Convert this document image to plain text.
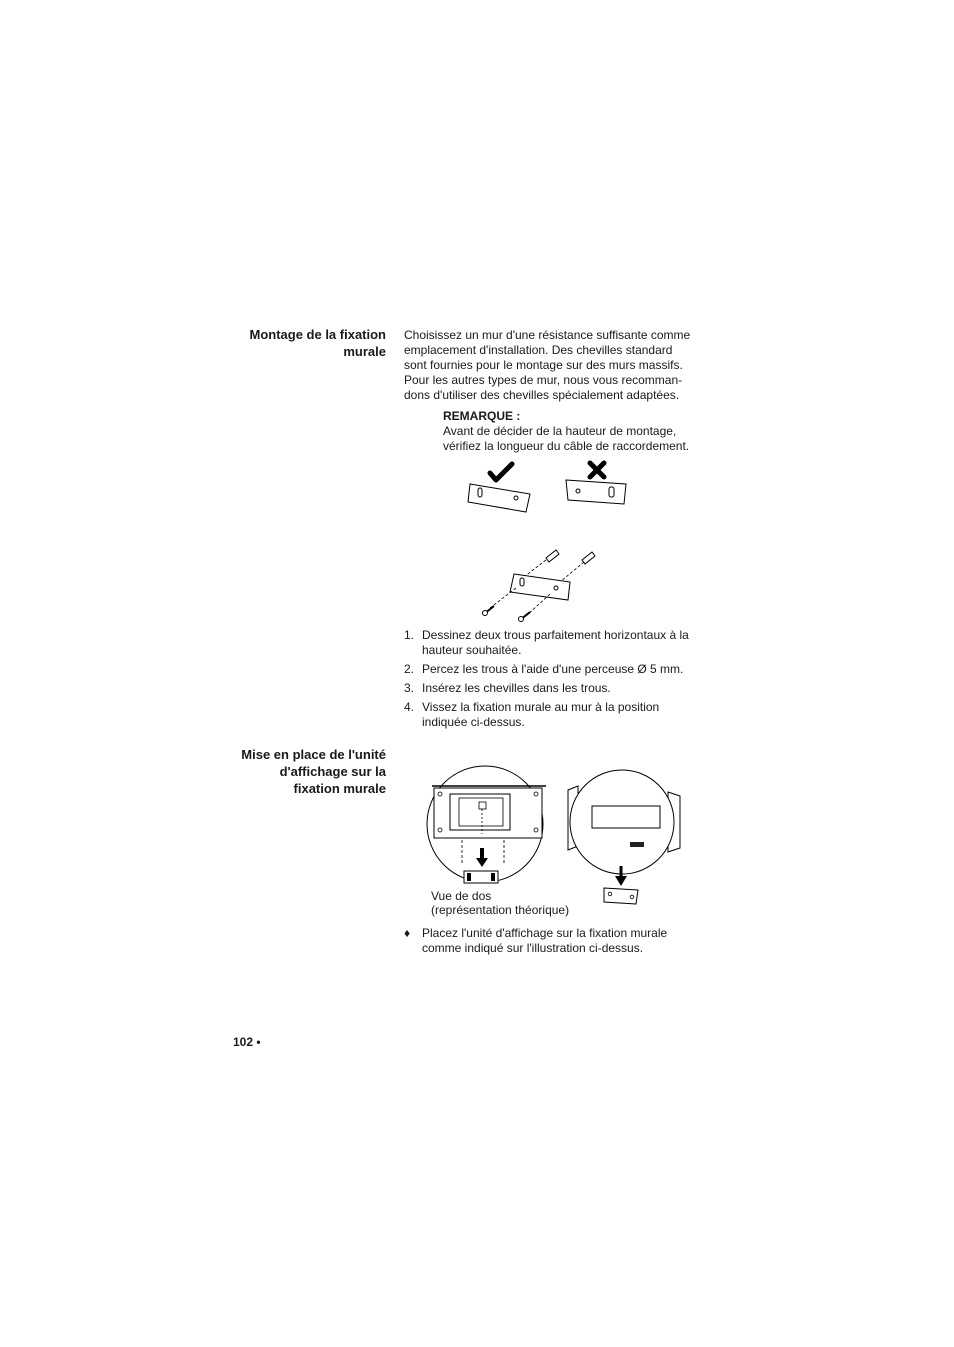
Montage de la fixation
murale
Choisissez un mur d'une résistance suffisante comme
emplacement d'installation. Des chevilles standard
sont fournies pour le montage sur des murs massifs.
Pour les autres types de mur, nous vous recomman-
dons d'utiliser des chevilles spécialement adaptées.
REMARQUE :
Avant de décider de la hauteur de montage,
vérifiez la longueur du câble de raccordement.
1. Dessinez deux trous parfaitement horizontaux à la
hauteur souhaitée.
2. Percez les trous à l'aide d'une perceuse Ø 5 mm.
3. Insérez les chevilles dans les trous.
4. Vissez la fixation murale au mur à la position
indiquée ci-dessus.
Mise en place de l'unité
d'affichage sur la
fixation murale
Vue de dos
(représentation théorique)
♦ Placez l'unité d'affichage sur la fixation murale
comme indiqué sur l'illustration ci-dessus.
102 •
